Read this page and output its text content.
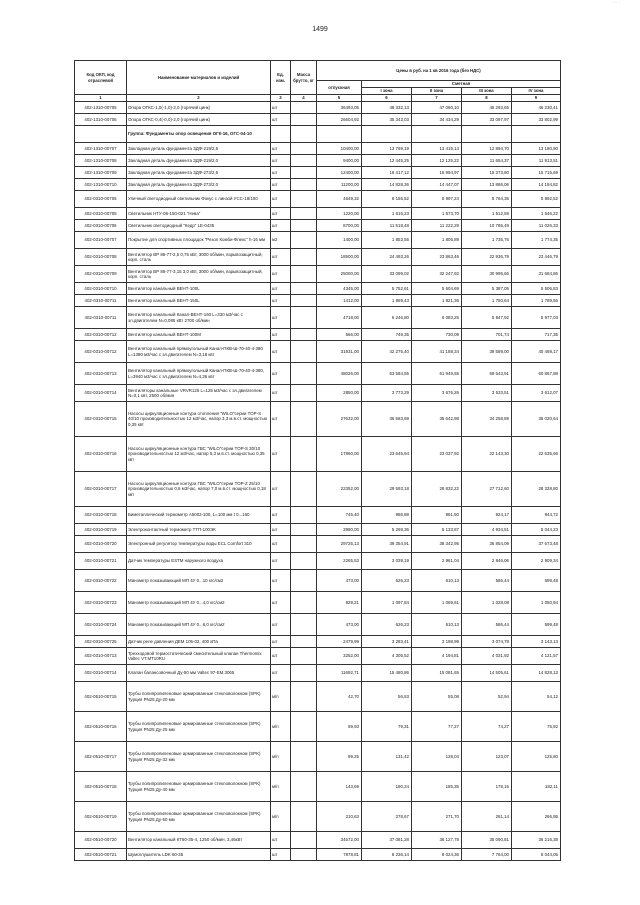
· · ·
1499
Код ОКП, код отраслевой	Наименование материалов и изделий	Ед. изм.	Масса брутто, кг	Цены в руб. на 1 кв 2016 года (без НДС)				
				отпускная	Сметная			
					I зона	II зона	III зона	IV зона
1	2	3	4	5	6	7	8	9
402-1310-00705	Опора ОГКС-1,0(-1,0)-2,0 (горячий цинк)	шт		36493,05	48 332,13	47 060,10	45 293,65	46 230,41
402-1310-00706	Опора ОГКС-0,4(-0,0)-2,0 (горячий цинк)	шт		26604,92	35 343,03	34 434,29	33 097,97	33 802,99
	Группа: Фундаменты опор освещения ОГК-16, ОГС-04-10							
402-1310-00707	Закладная деталь фундамента ЗДФ-219/2,5	шт		10400,00	13 769,19	13 415,14	12 894,70	13 180,90
402-1310-00708	Закладная деталь фундамента ЗДФ-219/2,0	шт		9400,00	12 445,25	12 125,22	11 654,37	11 913,51
402-1310-00709	Закладная деталь фундамента ЗДФ-273/2,5	шт		12400,00	16 417,12	15 994,97	15 373,80	15 715,69
402-1310-00710	Закладная деталь фундамента ЗДФ-273/2,0	шт		11200,00	14 828,36	14 447,07	13 886,06	14 194,82
402-0310-00705	Уличный светодиодный светильник Фокус с линзой УСС-18/100	шт		4649,32	6 155,52	5 997,24	5 764,35	5 892,52
402-0310-00705	Светильник НТУ-06-150-021 "Нева"	шт		1220,00	1 615,23	1 573,70	1 512,59	1 546,22
402-0310-00706	Светильник светодиодный "Кедр" LE-0435	шт		8700,00	11 518,48	11 222,29	10 786,49	11 026,33
402-0310-00707	Покрытие для спортивных площадок "Резол Комби-Флекс" h-16 мм	м2		1400,00	1 853,55	1 805,89	1 735,76	1 774,35
402-0310-00708	Вентилятор ВР 86-77-2,5 0,75 кВт, 3000 об/мин, взрывозащитный, корп. сталь	шт		18500,00	24 493,26	23 863,46	22 936,79	23 446,79
402-0310-00709	Вентилятор ВР 86-77-3,15 3,0 кВт, 3000 об/мин, взрывозащитный, корп. сталь	шт		25000,00	33 099,02	32 247,92	30 995,66	31 684,86
402-0310-00710	Вентилятор канальный ВЕНТ-100L	шт		4345,00	5 752,61	5 604,69	5 387,05	5 506,83
402-0310-00711	Вентилятор канальный ВЕНТ-150L	шт		1412,00	1 869,43	1 821,36	1 750,64	1 789,56
402-0310-00711	Вентилятор канальный Канал-ВЕНТ-160 L=330 м3/час с эл.двигателем N=0,085 кВт 2700 об/мин	шт		4718,00	6 246,80	6 083,25	5 847,92	5 977,03
402-0310-00712	Вентилятор канальный ВЕНТ-100М	шт		566,00	749,35	730,09	701,74	717,35
402-0310-00712	Вентилятор канальный прямоугольный Канал-ПКВ-Ш-70-40-4-380 L=1390 м3/час с эл.двигателем N=3,18 квт	шт		31931,00	42 275,40	41 188,34	39 589,00	40 469,17
402-0310-00713	Вентилятор канальный прямоугольный Канал-ПКВ-Ш-70-40-4-380, L=3940 м3/час с эл.двигателем N=4,36 квт	шт		48026,00	63 584,55	61 949,55	59 543,91	60 867,88
402-0310-00714	Вентиляторы канальные VRVR125 L=125 м3/час с эл.двигателем N=0,1 квт, 2500 об/мин	шт		2850,00	3 773,29	3 676,26	3 533,51	3 612,07
402-0310-00715	Насосы циркуляционные контура отопления "WILO"серии TOP-S 40/10 производительностью 12 м3/час, напор 3,3 м.в.ст. мощностью 0,35 квт	шт		27632,00	36 583,69	35 642,98	34 258,89	35 020,64
402-0310-00716	Насосы циркуляционные контура ГВС "WILO"серии TOP-S 30/10 производительностью 12 м3/час, напор 5,3 м.в.ст. мощностью 0,35 квт	шт		17860,00	23 645,94	23 037,92	22 143,30	22 635,66
402-0310-00717	Насосы циркуляционные контура ГВС "WILO"серии TOP-Z 25/10 производительностью 0,6 м3/час, напор 7,0 м.в.ст. мощностью 0,18 квт	шт		22352,00	29 593,18	28 832,22	27 712,60	28 328,80
402-0310-00718	Биметаллический термометр А5002-100, L=100 мм t 0...160	шт		745,40	986,88	961,50	924,17	944,72
402-0310-00719	Электроконтактный термометр ТТП-100ЭК	шт		3980,00	5 269,36	5 133,87	4 934,51	5 044,23
402-0310-00720	Электронный регулятор температуры воды ECL Comfort 310	шт		29725,13	39 354,91	38 342,95	36 854,09	37 673,48
402-0310-00721	Датчик температуры ESTM наружного воздуха	шт		2265,53	3 039,19	2 961,04	2 846,06	2 909,34
402-0310-00722	Манометр показывающий МП 4У 0...10 кгс/см2	шт		473,00	626,23	610,13	586,44	599,48
402-0310-00723	Манометр показывающий МП 4У 0...4,0 кгс/см2	шт		829,21	1 097,84	1 069,61	1 028,08	1 050,94
402-0310-00724	Манометр показывающий МП 4У 0...6,0 кгс/см2	шт		473,00	626,23	610,13	586,44	599,48
402-0310-00725	Датчик реле давления ДЕМ 105-02, 400 кПа	шт		2479,99	3 283,41	3 198,99	3 074,78	3 143,13
402-0310-00713	Трехходовой термостатический смесительный клапан Thermomix Valtec VT.MT10RU	шт		3252,00	4 305,52	4 194,81	4 031,92	4 121,57
402-0310-00714	Клапан балансовочный Ду-50 мм Valtec 97-ЕМ.3065	шт		11692,71	15 480,86	15 081,65	14 505,61	14 828,13
402-0510-00715	Трубы полипропиленовые армированные стекловолокном (SPK) Турция PN25 Ду-20 мм	м/п		42,70	56,53	55,08	52,94	54,12
402-0510-00716	Трубы полипропиленовые армированные стекловолокном (SPK) Турция PN25 Ду-25 мм	м/п		59,93	79,31	77,27	74,27	75,92
402-0510-00717	Трубы полипропиленовые армированные стекловолокном (SPK) Турция PN25 Ду-32 мм	м/п		99,25	131,42	128,04	123,07	125,80
402-0510-00718	Трубы полипропиленовые армированные стекловолокном (SPK) Турция PN25 Ду-40 мм	м/п		143,69	190,24	185,35	178,15	182,11
402-0510-00719	Трубы полипропиленовые армированные стекловолокном (SPK) Турция PN25 Ду-50 мм	м/п		210,63	278,67	271,70	261,14	266,95
402-0510-00720	Вентилятор канальный КТ60-35-4, 1250 об/мин, 3,46кВт	шт		34572,00	37 081,28	36 127,78	35 090,81	36 216,38
402-0510-00721	Шумоглушитель LDK 60-35	шт		7878,81	8 236,14	8 024,36	7 764,00	8 044,05
